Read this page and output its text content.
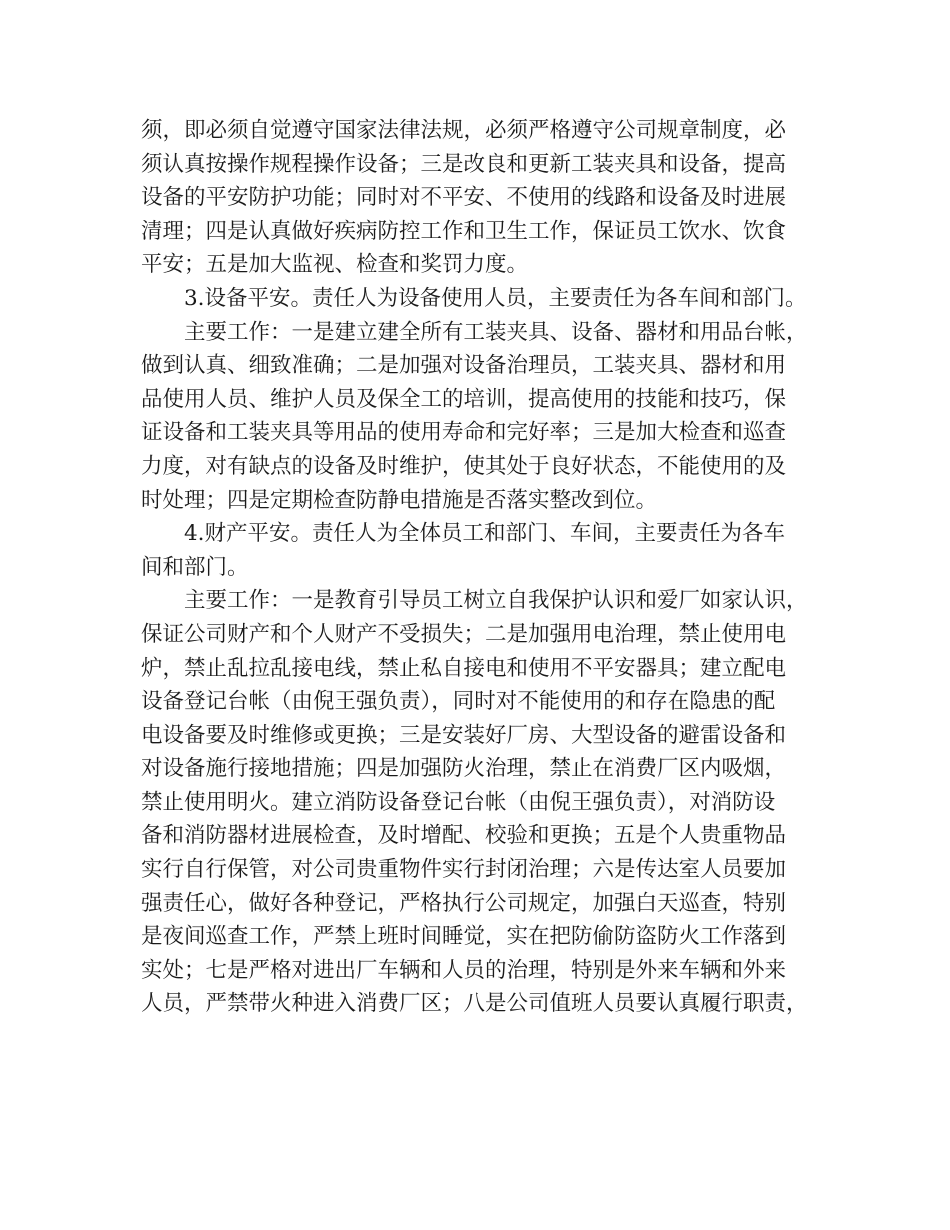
须，即必须自觉遵守国家法律法规，必须严格遵守公司规章制度，必
须认真按操作规程操作设备；三是改良和更新工装夹具和设备，提高
设备的平安防护功能；同时对不平安、不使用的线路和设备及时进展
清理；四是认真做好疾病防控工作和卫生工作，保证员工饮水、饮食
平安；五是加大监视、检查和奖罚力度。
3.设备平安。责任人为设备使用人员，主要责任为各车间和部门。
主要工作：一是建立建全所有工装夹具、设备、器材和用品台帐，
做到认真、细致准确；二是加强对设备治理员，工装夹具、器材和用
品使用人员、维护人员及保全工的培训，提高使用的技能和技巧，保
证设备和工装夹具等用品的使用寿命和完好率；三是加大检查和巡查
力度，对有缺点的设备及时维护，使其处于良好状态，不能使用的及
时处理；四是定期检查防静电措施是否落实整改到位。
4.财产平安。责任人为全体员工和部门、车间，主要责任为各车
间和部门。
主要工作：一是教育引导员工树立自我保护认识和爱厂如家认识，
保证公司财产和个人财产不受损失；二是加强用电治理，禁止使用电
炉，禁止乱拉乱接电线，禁止私自接电和使用不平安器具；建立配电
设备登记台帐（由倪王强负责），同时对不能使用的和存在隐患的配
电设备要及时维修或更换；三是安装好厂房、大型设备的避雷设备和
对设备施行接地措施；四是加强防火治理，禁止在消费厂区内吸烟，
禁止使用明火。建立消防设备登记台帐（由倪王强负责），对消防设
备和消防器材进展检查，及时增配、校验和更换；五是个人贵重物品
实行自行保管，对公司贵重物件实行封闭治理；六是传达室人员要加
强责任心，做好各种登记，严格执行公司规定，加强白天巡查，特别
是夜间巡查工作，严禁上班时间睡觉，实在把防偷防盗防火工作落到
实处；七是严格对进出厂车辆和人员的治理，特别是外来车辆和外来
人员，严禁带火种进入消费厂区；八是公司值班人员要认真履行职责，
